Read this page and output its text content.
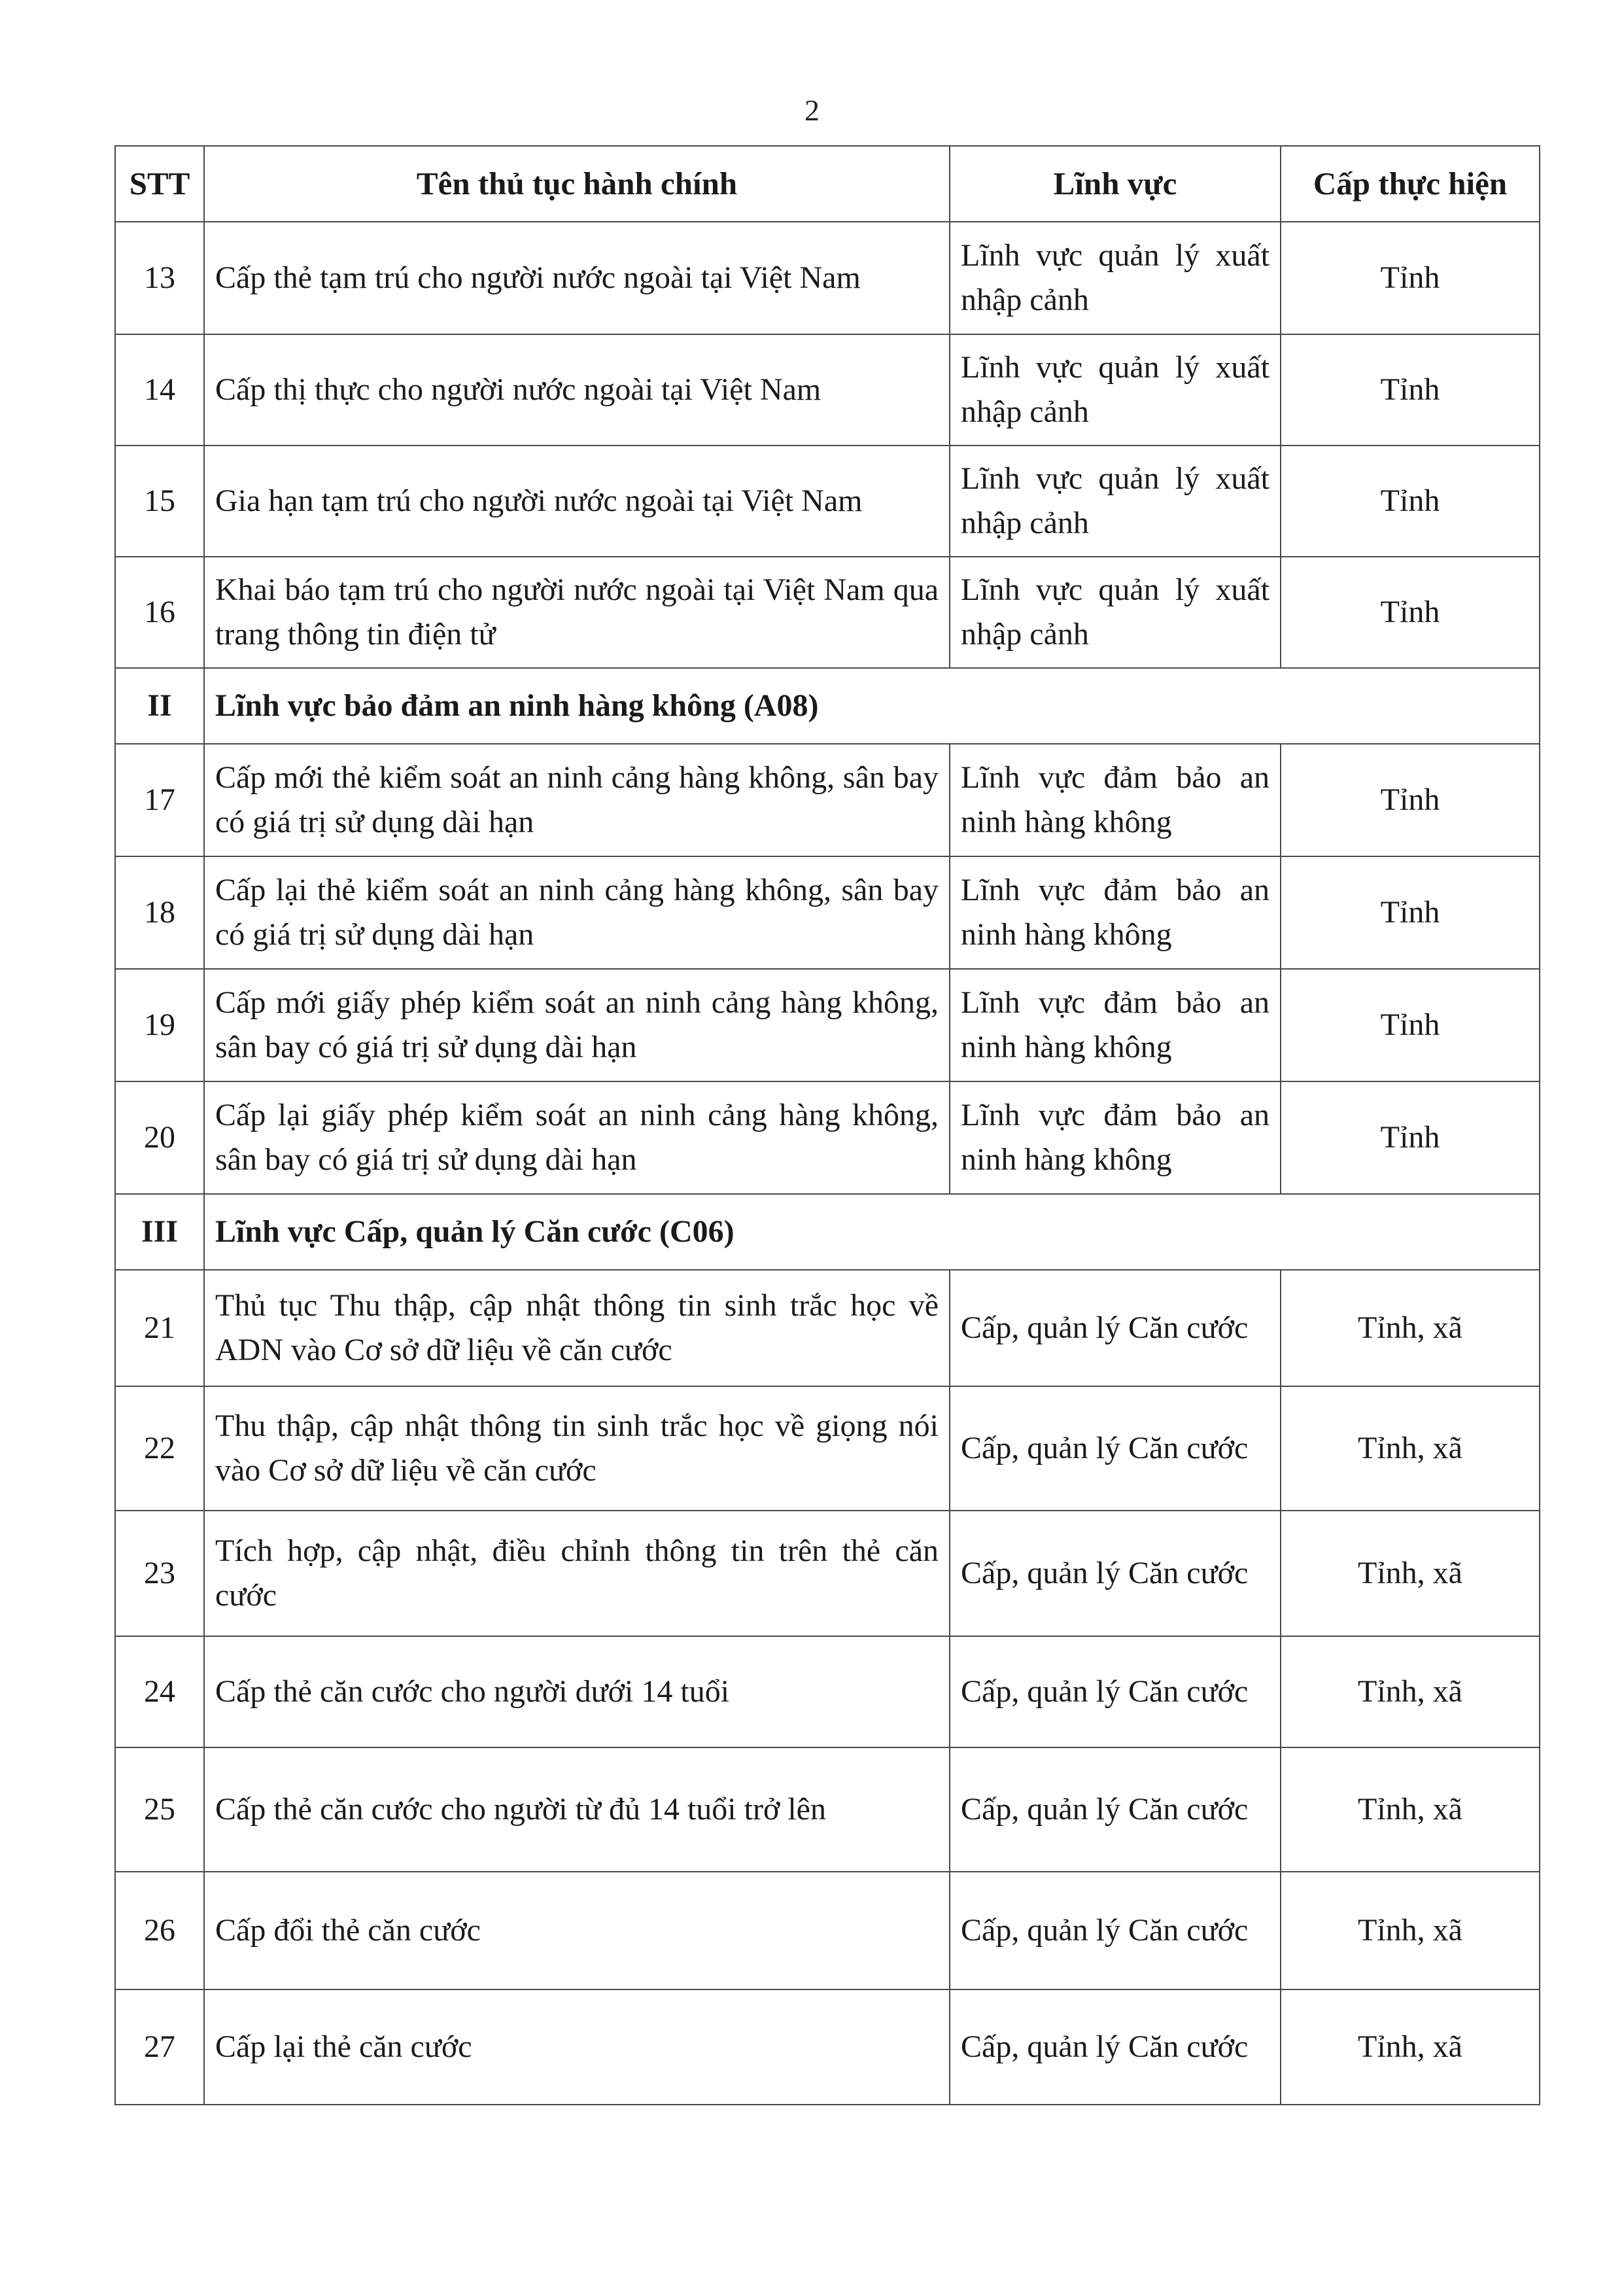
2
STT	Tên thủ tục hành chính	Lĩnh vực	Cấp thực hiện
13	Cấp thẻ tạm trú cho người nước ngoài tại Việt Nam	Lĩnh vực quản lý xuất nhập cảnh	Tỉnh
14	Cấp thị thực cho người nước ngoài tại Việt Nam	Lĩnh vực quản lý xuất nhập cảnh	Tỉnh
15	Gia hạn tạm trú cho người nước ngoài tại Việt Nam	Lĩnh vực quản lý xuất nhập cảnh	Tỉnh
16	Khai báo tạm trú cho người nước ngoài tại Việt Nam qua trang thông tin điện tử	Lĩnh vực quản lý xuất nhập cảnh	Tỉnh
II	Lĩnh vực bảo đảm an ninh hàng không (A08)		
17	Cấp mới thẻ kiểm soát an ninh cảng hàng không, sân bay có giá trị sử dụng dài hạn	Lĩnh vực đảm bảo an ninh hàng không	Tỉnh
18	Cấp lại thẻ kiểm soát an ninh cảng hàng không, sân bay có giá trị sử dụng dài hạn	Lĩnh vực đảm bảo an ninh hàng không	Tỉnh
19	Cấp mới giấy phép kiểm soát an ninh cảng hàng không, sân bay có giá trị sử dụng dài hạn	Lĩnh vực đảm bảo an ninh hàng không	Tỉnh
20	Cấp lại giấy phép kiểm soát an ninh cảng hàng không, sân bay có giá trị sử dụng dài hạn	Lĩnh vực đảm bảo an ninh hàng không	Tỉnh
III	Lĩnh vực Cấp, quản lý Căn cước (C06)		
21	Thủ tục Thu thập, cập nhật thông tin sinh trắc học về ADN vào Cơ sở dữ liệu về căn cước	Cấp, quản lý Căn cước	Tỉnh, xã
22	Thu thập, cập nhật thông tin sinh trắc học về giọng nói vào Cơ sở dữ liệu về căn cước	Cấp, quản lý Căn cước	Tỉnh, xã
23	Tích hợp, cập nhật, điều chỉnh thông tin trên thẻ căn cước	Cấp, quản lý Căn cước	Tỉnh, xã
24	Cấp thẻ căn cước cho người dưới 14 tuổi	Cấp, quản lý Căn cước	Tỉnh, xã
25	Cấp thẻ căn cước cho người từ đủ 14 tuổi trở lên	Cấp, quản lý Căn cước	Tỉnh, xã
26	Cấp đổi thẻ căn cước	Cấp, quản lý Căn cước	Tỉnh, xã
27	Cấp lại thẻ căn cước	Cấp, quản lý Căn cước	Tỉnh, xã
